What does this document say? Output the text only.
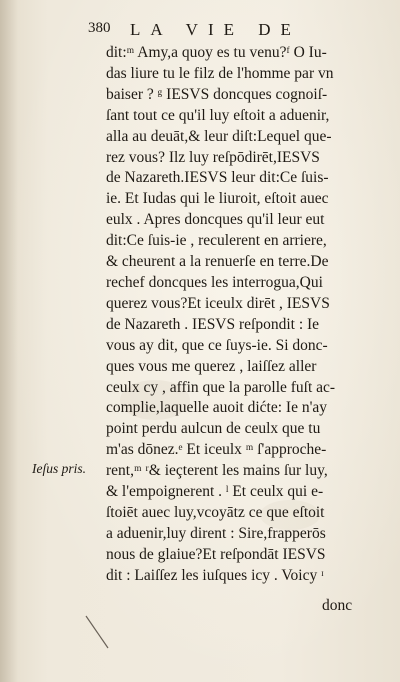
380 LA VIE DE
dit:ᵐ Amy,a quoy es tu venu?ᶠ O Iu-
das liure tu le filz de l'homme par vn
baiser ? ᵍ IESVS doncques cognoiſ-
ſant tout ce qu'il luy eſtoit a aduenir,
alla au deuāt,& leur diſt:Lequel que-
rez vous? Ilz luy reſpōdirēt,IESVS
de Nazareth.IESVS leur dit:Ce ſuis-
ie. Et Iudas qui le liuroit, eſtoit auec
eulx . Apres doncques qu'il leur eut
dit:Ce ſuis-ie , reculerent en arriere,
& cheurent a la renuerſe en terre.De
rechef doncques les interrogua,Qui
querez vous?Et iceulx dirēt , IESVS
de Nazareth . IESVS reſpondit : Ie
vous ay dit, que ce ſuys-ie. Si donc-
ques vous me querez , laiſſez aller
ceulx cy , affin que la parolle fuſt ac-
complie,laquelle auoit dićte: Ie n'ay
point perdu aulcun de ceulx que tu
m'as dōnez.ᵉ Et iceulx ᵐ ſ'approche-
rent,ᵐ ʳ& ieçterent les mains ſur luy,
& l'empoignerent . ˡ Et ceulx qui e-
ſtoiēt auec luy,vcoyātz ce que eſtoit
a aduenir,luy dirent : Sire,frapperōs
nous de glaiue?Et reſpondāt IESVS
dit : Laiſſez les iuſques icy . Voicy ᶦ
Ieſus pris.
donc
